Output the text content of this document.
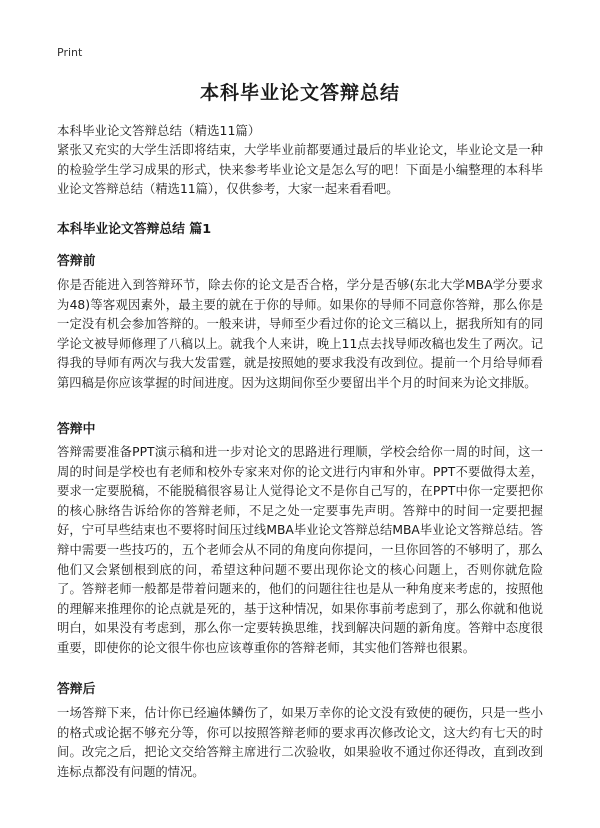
Print
本科毕业论文答辩总结
本科毕业论文答辩总结（精选11篇）

紧张又充实的大学生活即将结束，大学毕业前都要通过最后的毕业论文，毕业论文是一种的检验学生学习成果的形式，快来参考毕业论文是怎么写的吧！下面是小编整理的本科毕业论文答辩总结（精选11篇），仅供参考，大家一起来看看吧。

本科毕业论文答辩总结 篇1
答辩前

你是否能进入到答辩环节，除去你的论文是否合格，学分是否够(东北大学MBA学分要求为48)等客观因素外，最主要的就在于你的导师。如果你的导师不同意你答辩，那么你是一定没有机会参加答辩的。一般来讲，导师至少看过你的论文三稿以上，据我所知有的同学论文被导师修理了八稿以上。就我个人来讲，晚上11点去找导师改稿也发生了两次。记得我的导师有两次与我大发雷霆，就是按照她的要求我没有改到位。提前一个月给导师看第四稿是你应该掌握的时间进度。因为这期间你至少要留出半个月的时间来为论文排版。

答辩中

答辩需要准备PPT演示稿和进一步对论文的思路进行理顺，学校会给你一周的时间，这一周的时间是学校也有老师和校外专家来对你的论文进行内审和外审。PPT不要做得太差，要求一定要脱稿，不能脱稿很容易让人觉得论文不是你自己写的，在PPT中你一定要把你的核心脉络告诉给你的答辩老师，不足之处一定要事先声明。答辩中的时间一定要把握好，宁可早些结束也不要将时间压过线MBA毕业论文答辩总结MBA毕业论文答辩总结。答辩中需要一些技巧的，五个老师会从不同的角度向你提问，一旦你回答的不够明了，那么他们又会紧刨根到底的问，希望这种问题不要出现你论文的核心问题上，否则你就危险了。答辩老师一般都是带着问题来的，他们的问题往往也是从一种角度来考虑的，按照他的理解来推理你的论点就是死的，基于这种情况，如果你事前考虑到了，那么你就和他说明白，如果没有考虑到，那么你一定要转换思维，找到解决问题的新角度。答辩中态度很重要，即使你的论文很牛你也应该尊重你的答辩老师，其实他们答辩也很累。

答辩后

一场答辩下来，估计你已经遍体鳞伤了，如果万幸你的论文没有致使的硬伤，只是一些小的格式或论据不够充分等，你可以按照答辩老师的要求再次修改论文，这大约有七天的时间。改完之后，把论文交给答辩主席进行二次验收，如果验收不通过你还得改，直到改到连标点都没有问题的情况。
